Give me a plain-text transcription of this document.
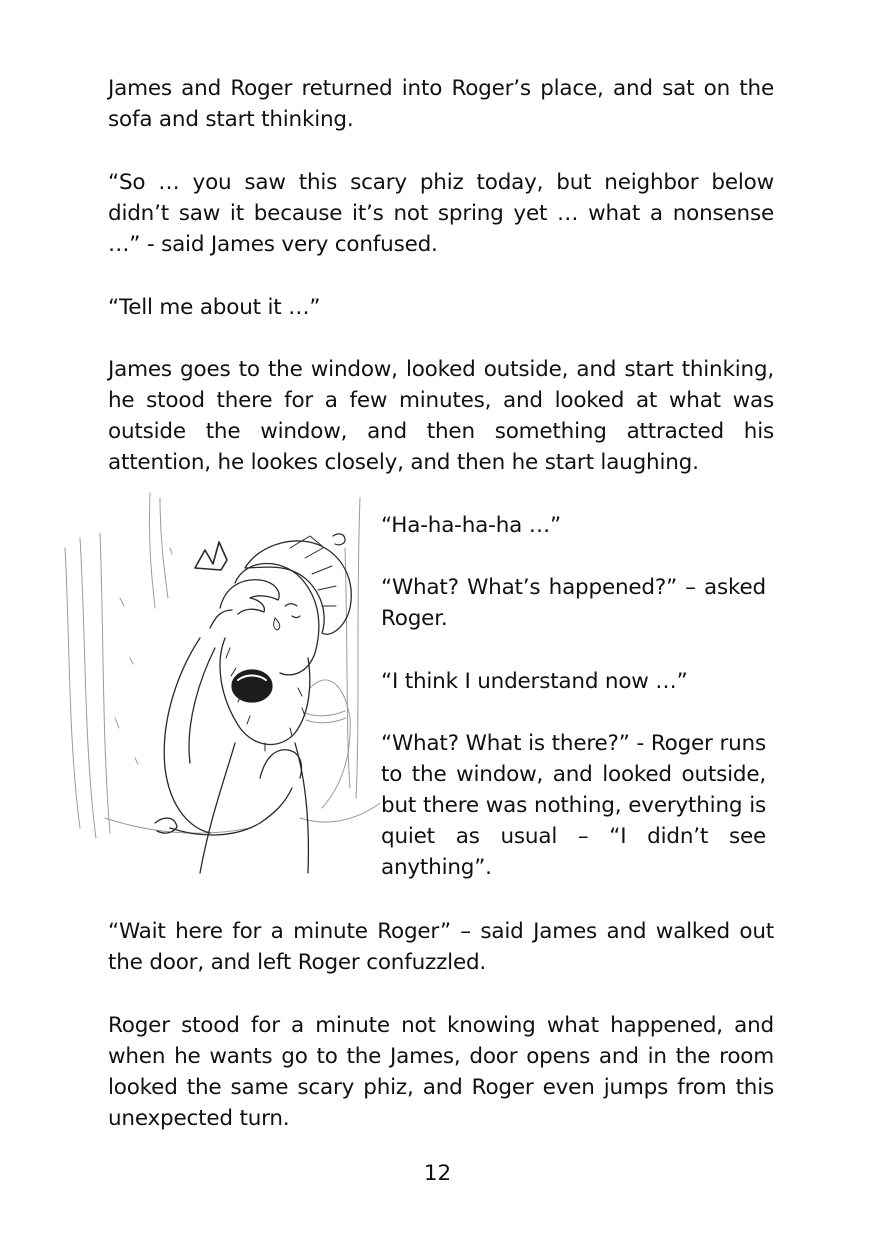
James and Roger returned into Roger’s place, and sat on the sofa and start thinking.

“So … you saw this scary phiz today, but neighbor below didn’t saw it because it’s not spring yet … what a nonsense …” - said James very confused.

“Tell me about it …”

James goes to the window, looked outside, and start thinking, he stood there for a few minutes, and looked at what was outside the window, and then something attracted his attention, he lookes closely, and then he start laughing.

“Ha-ha-ha-ha …”

“What? What’s happened?” – asked Roger.

“I think I understand now …”

“What? What is there?” - Roger runs to the window, and looked outside, but there was nothing, everything is quiet as usual – “I didn’t see anything”.

“Wait here for a minute Roger” – said James and walked out the door, and left Roger confuzzled.

Roger stood for a minute not knowing what happened, and when he wants go to the James, door opens and in the room looked the same scary phiz, and Roger even jumps from this unexpected turn.

12
